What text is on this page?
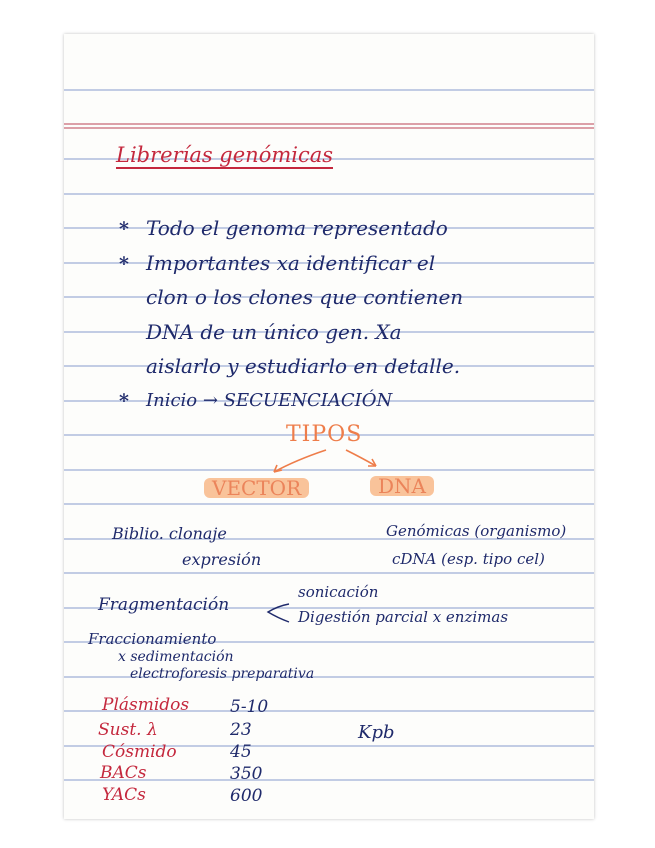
Librerías genómicas
* Todo el genoma representado
* Importantes xa identificar el
clon o los clones que contienen
DNA de un único gen. Xa
aislarlo y estudiarlo en detalle.
* Inicio → SECUENCIACIÓN
TIPOS
VECTOR	DNA
Biblio. clonaje
expresión
Genómicas (organismo)
cDNA (esp. tipo cel)
Fragmentación
sonicación
Digestión parcial x enzimas
Fraccionamiento
x sedimentación
electroforesis preparativa
Plásmidos 5-10
Sust. λ	23	Kpb
Cósmido	45
BACs	350
YACs	600
